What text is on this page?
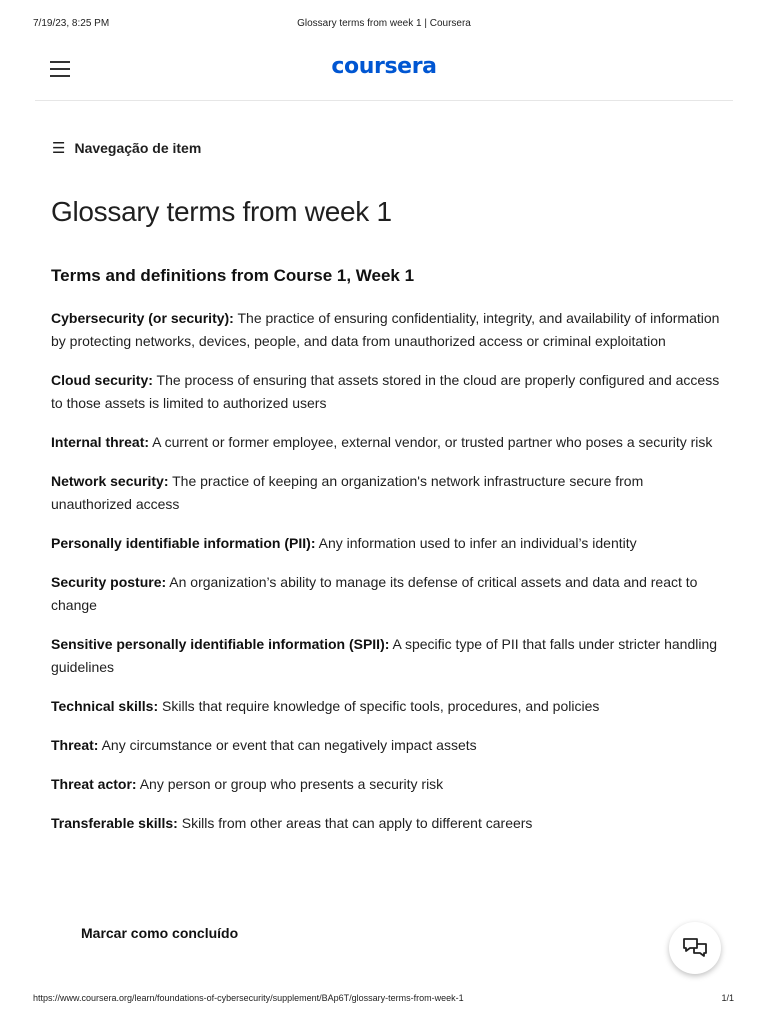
7/19/23, 8:25 PM	Glossary terms from week 1 | Coursera
coursera
☰ Navegação de item
Glossary terms from week 1
Terms and definitions from Course 1, Week 1

Cybersecurity (or security): The practice of ensuring confidentiality, integrity, and availability of information by protecting networks, devices, people, and data from unauthorized access or criminal exploitation

Cloud security: The process of ensuring that assets stored in the cloud are properly configured and access to those assets is limited to authorized users

Internal threat: A current or former employee, external vendor, or trusted partner who poses a security risk

Network security: The practice of keeping an organization's network infrastructure secure from unauthorized access

Personally identifiable information (PII): Any information used to infer an individual’s identity

Security posture: An organization’s ability to manage its defense of critical assets and data and react to change

Sensitive personally identifiable information (SPII): A specific type of PII that falls under stricter handling guidelines

Technical skills: Skills that require knowledge of specific tools, procedures, and policies

Threat: Any circumstance or event that can negatively impact assets

Threat actor: Any person or group who presents a security risk

Transferable skills: Skills from other areas that can apply to different careers

Marcar como concluído
https://www.coursera.org/learn/foundations-of-cybersecurity/supplement/BAp6T/glossary-terms-from-week-1	1/1
